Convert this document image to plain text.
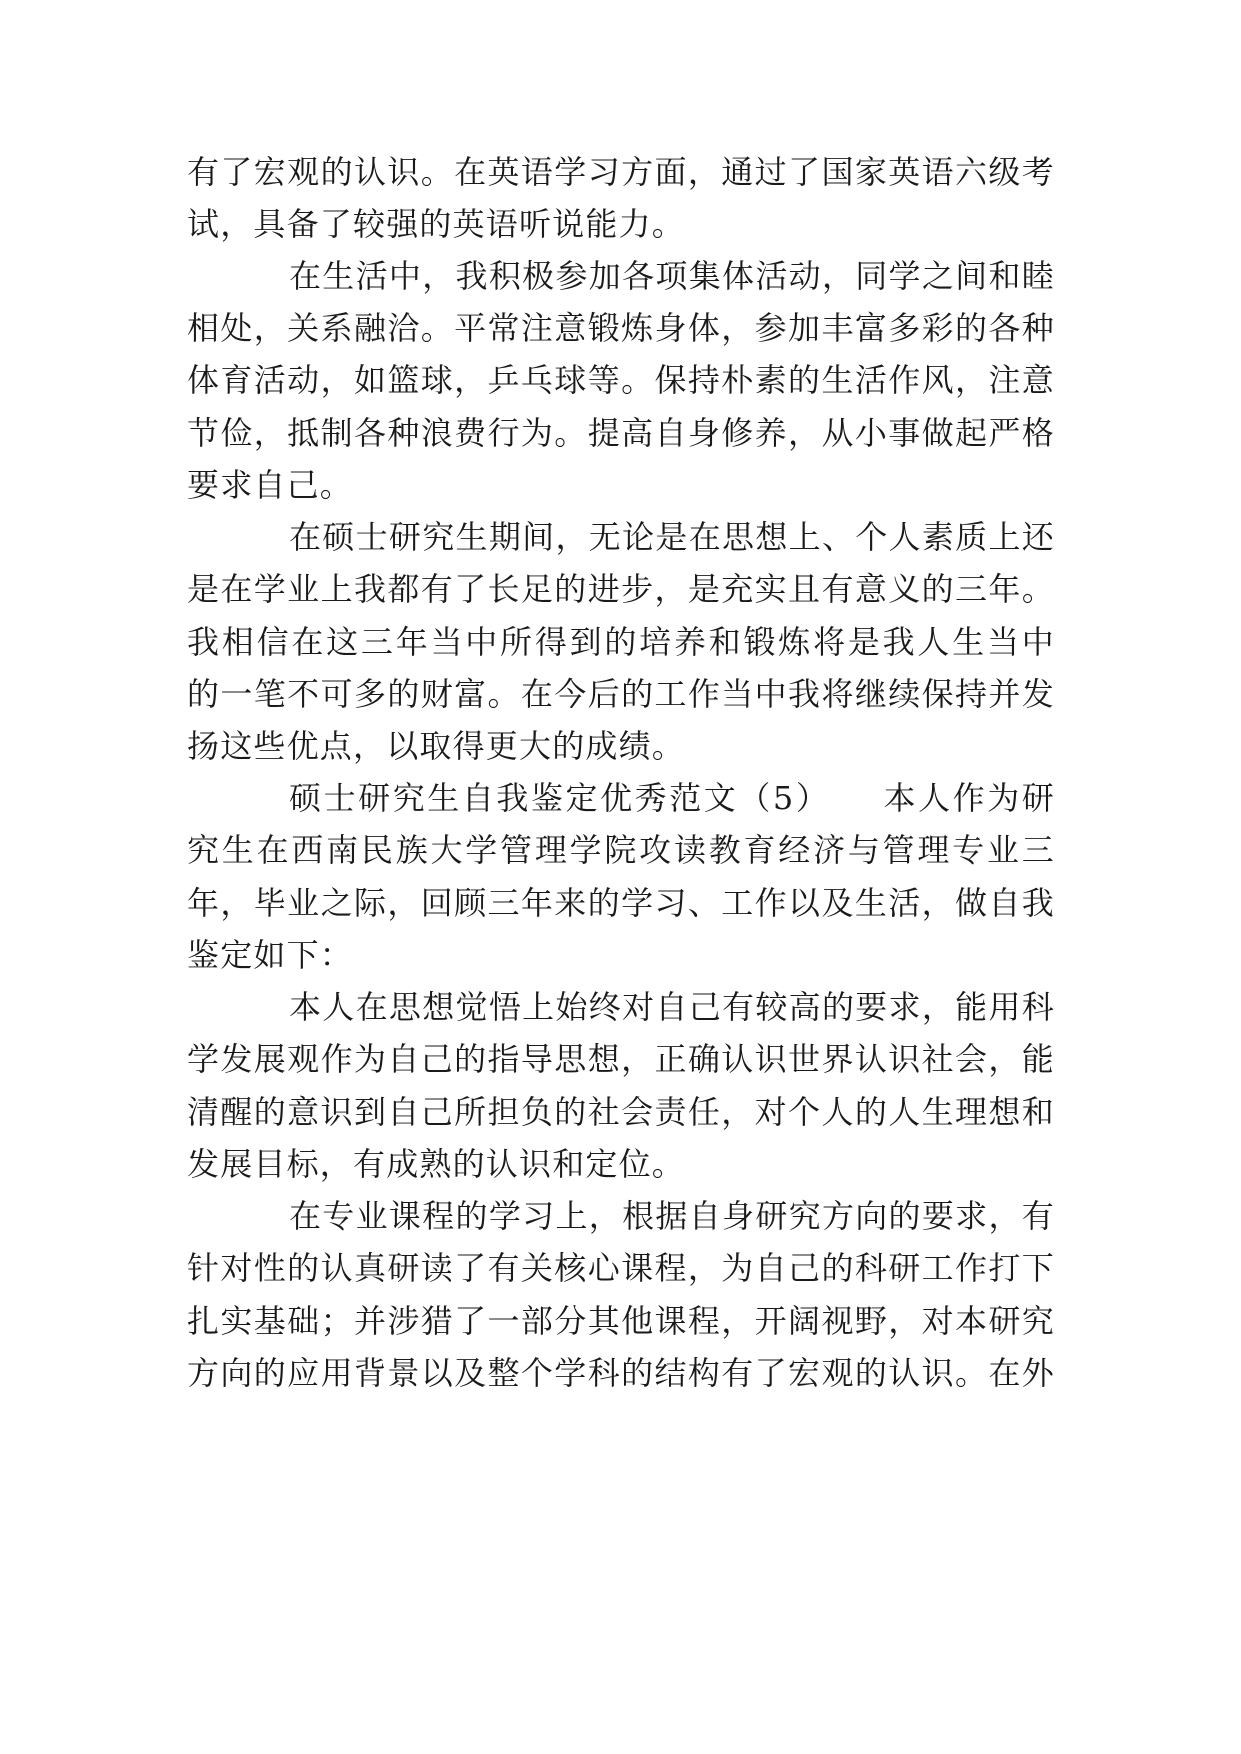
有了宏观的认识。在英语学习方面，通过了国家英语六级考
试，具备了较强的英语听说能力。
在生活中，我积极参加各项集体活动，同学之间和睦
相处，关系融洽。平常注意锻炼身体，参加丰富多彩的各种
体育活动，如篮球，乒乓球等。保持朴素的生活作风，注意
节俭，抵制各种浪费行为。提高自身修养，从小事做起严格
要求自己。
在硕士研究生期间，无论是在思想上、个人素质上还
是在学业上我都有了长足的进步，是充实且有意义的三年。
我相信在这三年当中所得到的培养和锻炼将是我人生当中
的一笔不可多的财富。在今后的工作当中我将继续保持并发
扬这些优点，以取得更大的成绩。
硕士研究生自我鉴定优秀范文（5）　　本人作为研
究生在西南民族大学管理学院攻读教育经济与管理专业三
年，毕业之际，回顾三年来的学习、工作以及生活，做自我
鉴定如下：
本人在思想觉悟上始终对自己有较高的要求，能用科
学发展观作为自己的指导思想，正确认识世界认识社会，能
清醒的意识到自己所担负的社会责任，对个人的人生理想和
发展目标，有成熟的认识和定位。
在专业课程的学习上，根据自身研究方向的要求，有
针对性的认真研读了有关核心课程，为自己的科研工作打下
扎实基础；并涉猎了一部分其他课程，开阔视野，对本研究
方向的应用背景以及整个学科的结构有了宏观的认识。在外
